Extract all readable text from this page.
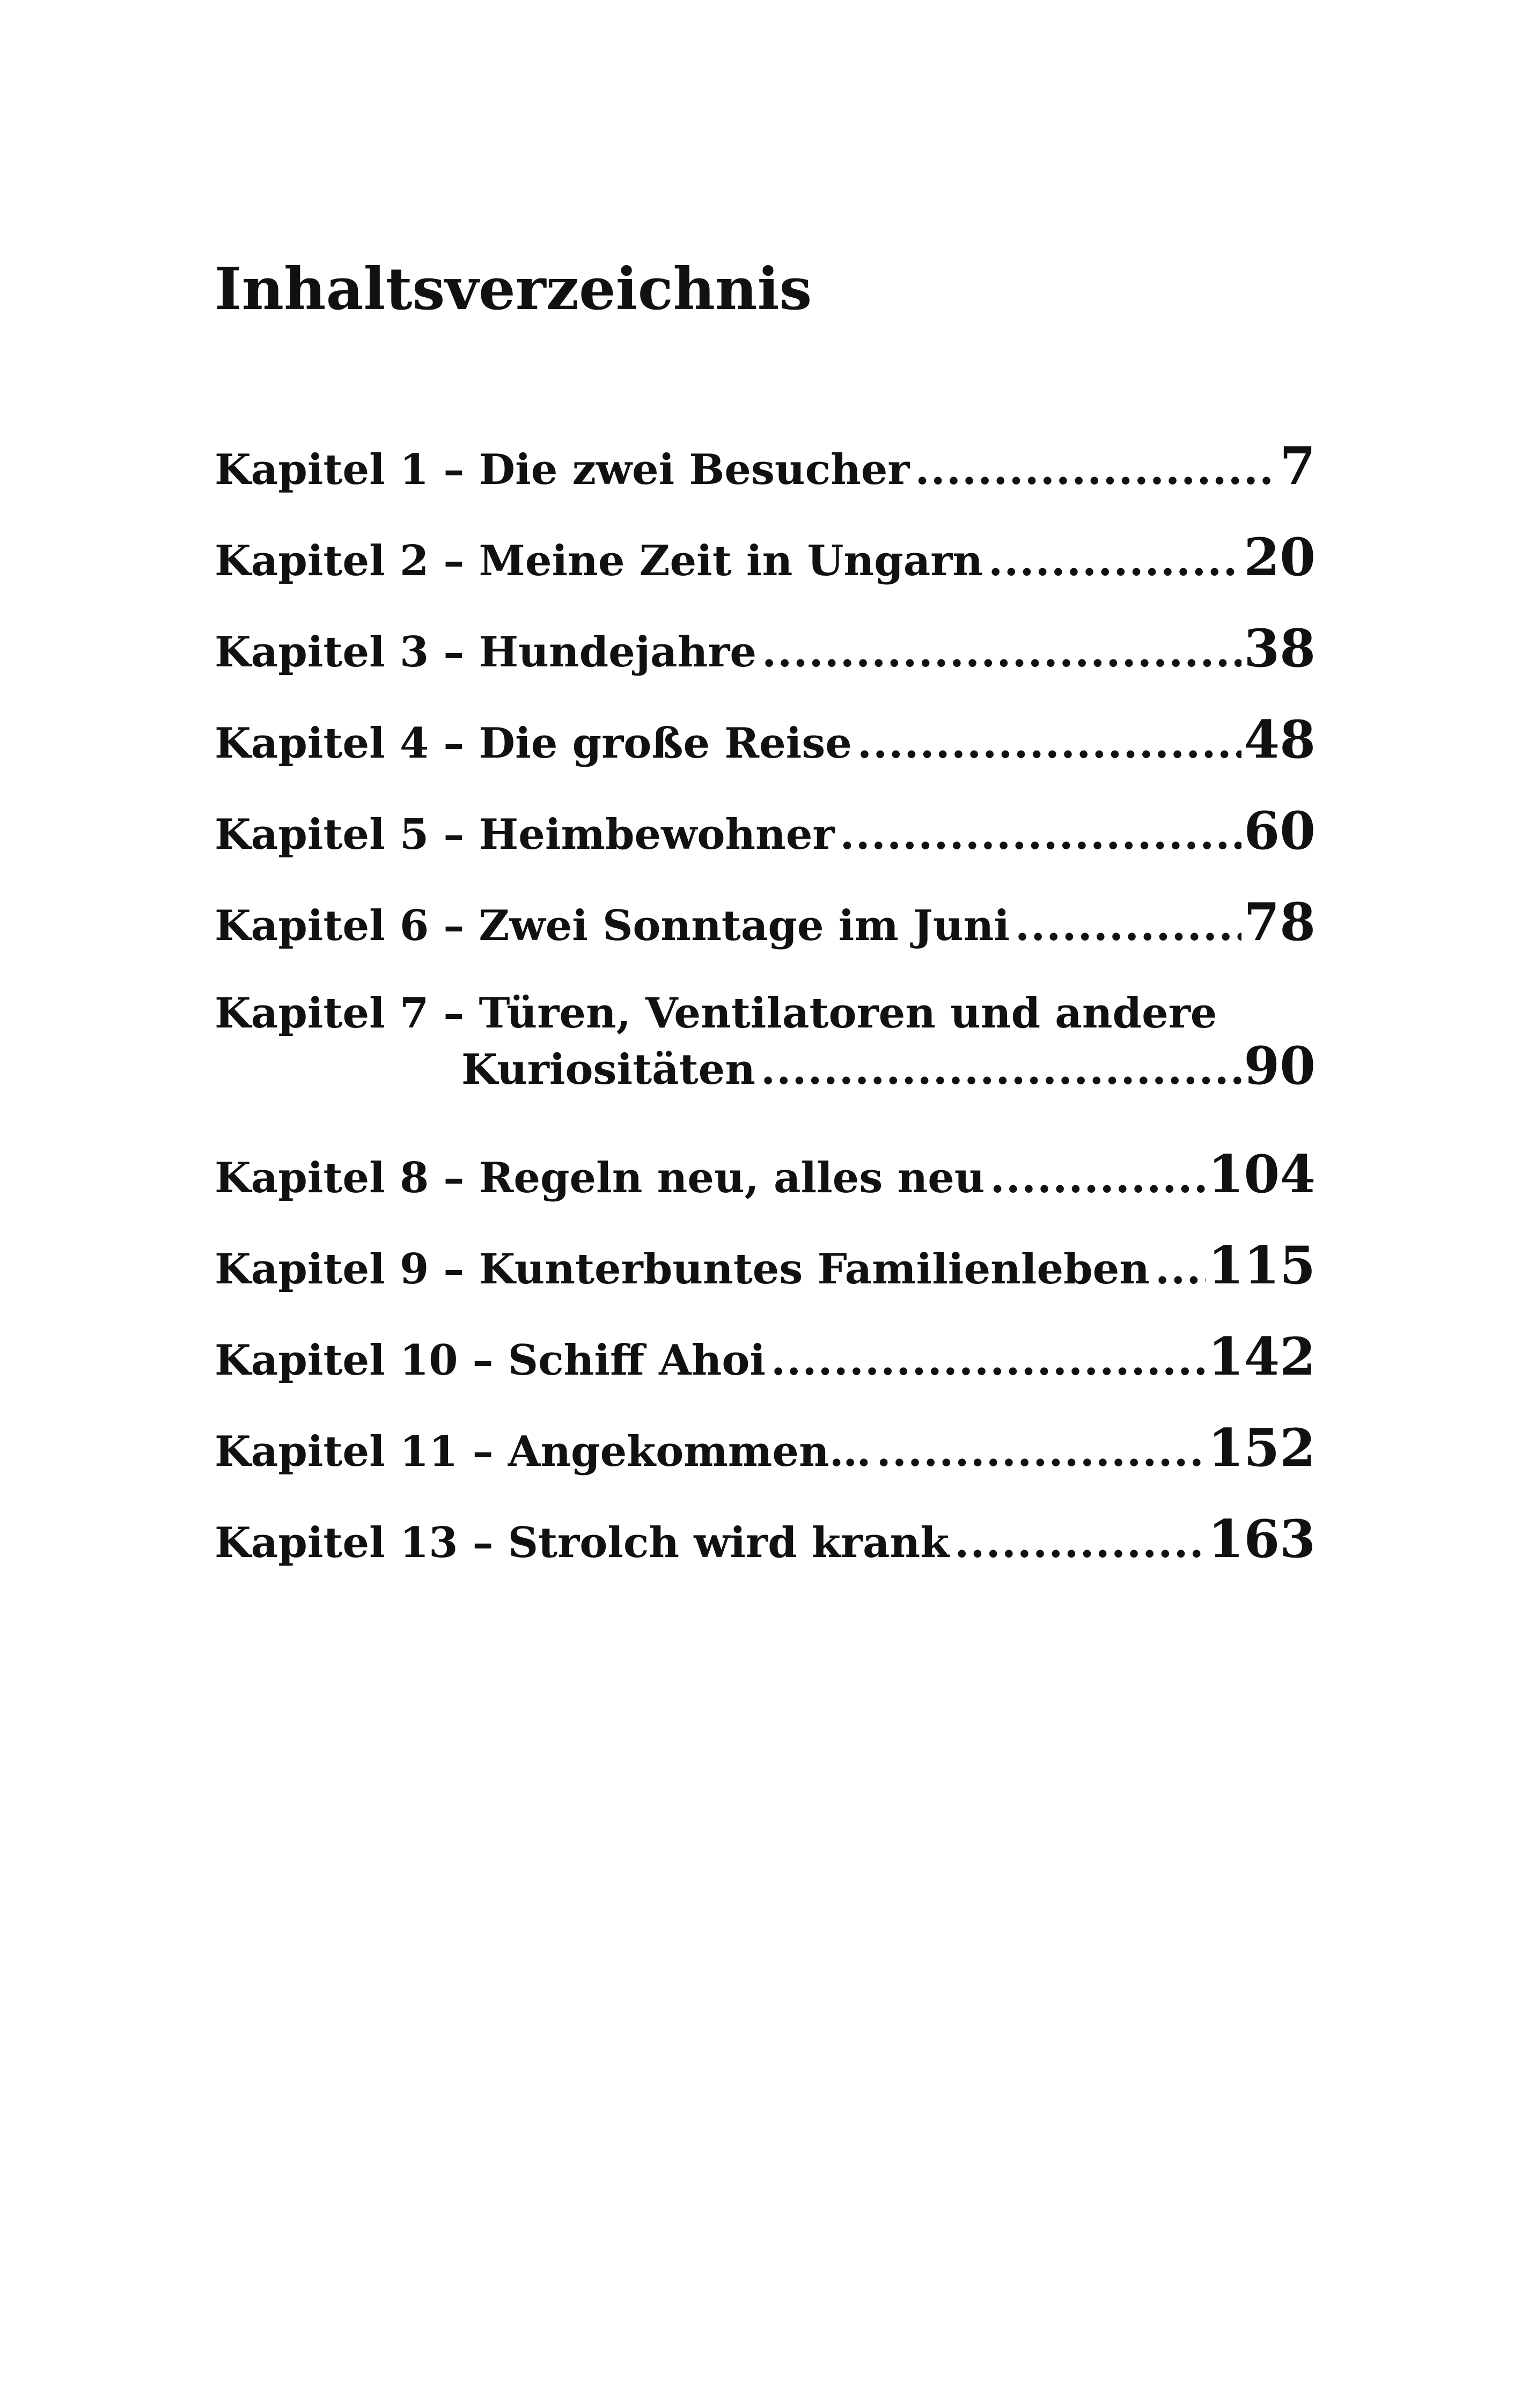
Inhaltsverzeichnis
Kapitel 1 – Die zwei Besucher .....	7
Kapitel 2 – Meine Zeit in Ungarn .....	20
Kapitel 3 – Hundejahre .....	38
Kapitel 4 – Die große Reise .....	48
Kapitel 5 – Heimbewohner .....	60
Kapitel 6 – Zwei Sonntage im Juni .....	78
Kapitel 7 – Türen, Ventilatoren und andere
Kuriositäten .....	90
Kapitel 8 – Regeln neu, alles neu .....	104
Kapitel 9 – Kunterbuntes Familienleben ..... 115
Kapitel 10 – Schiff Ahoi .....	142
Kapitel 11 – Angekommen… .....	152
Kapitel 13 – Strolch wird krank .....	163
